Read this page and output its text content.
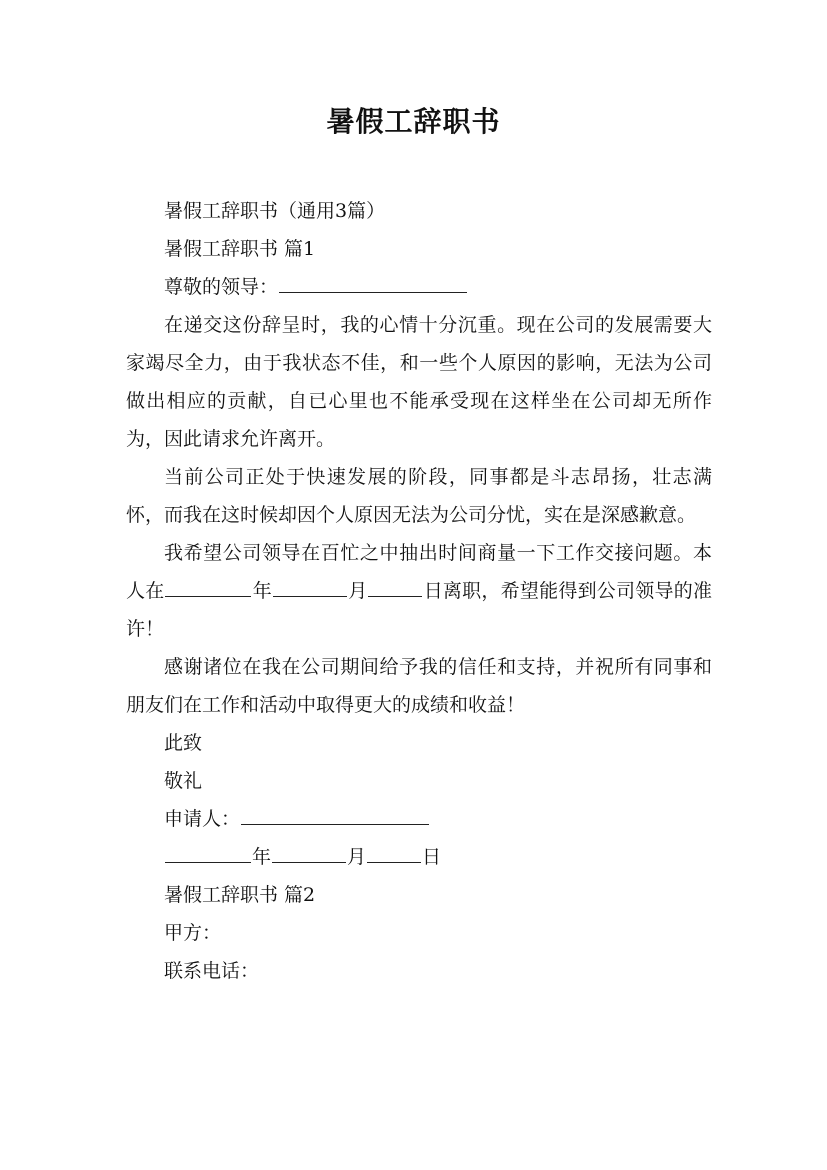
暑假工辞职书

暑假工辞职书（通用3篇）

暑假工辞职书 篇1

尊敬的领导：

在递交这份辞呈时，我的心情十分沉重。现在公司的发展需要大家竭尽全力，由于我状态不佳，和一些个人原因的影响，无法为公司做出相应的贡献，自已心里也不能承受现在这样坐在公司却无所作为，因此请求允许离开。

当前公司正处于快速发展的阶段，同事都是斗志昂扬，壮志满怀，而我在这时候却因个人原因无法为公司分忧，实在是深感歉意。

我希望公司领导在百忙之中抽出时间商量一下工作交接问题。本人在	年	月	日离职，希望能得到公司领导的准许！

感谢诸位在我在公司期间给予我的信任和支持，并祝所有同事和朋友们在工作和活动中取得更大的成绩和收益！

此致

敬礼

申请人：

年	月	日

暑假工辞职书 篇2

甲方：

联系电话：
